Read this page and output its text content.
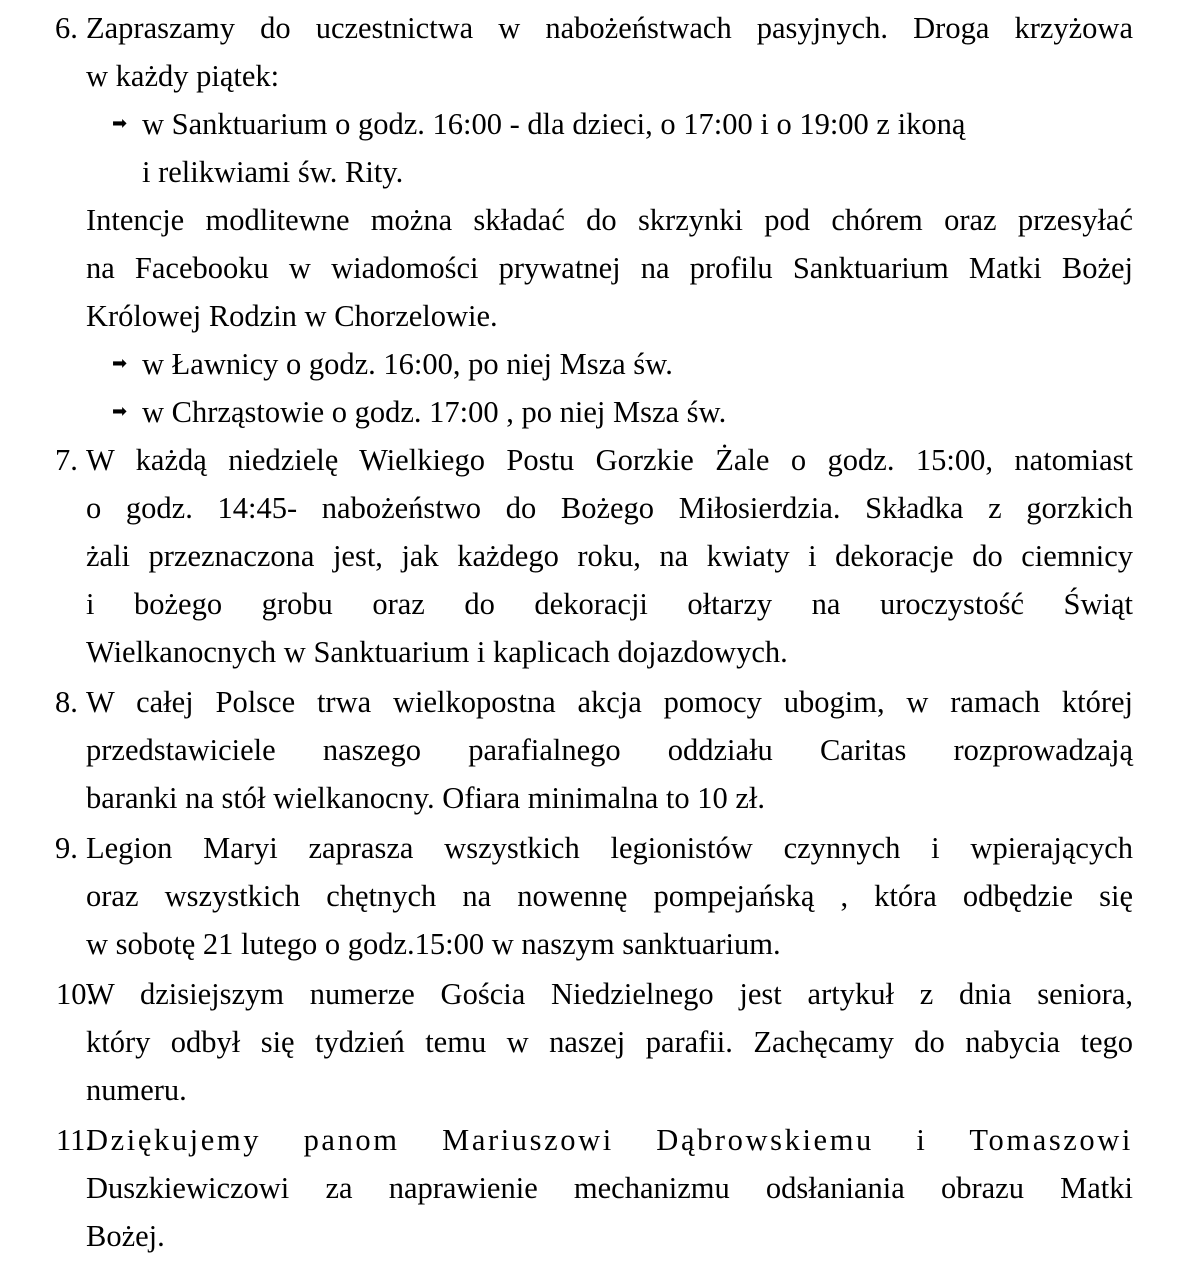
6. Zapraszamy do uczestnictwa w nabożeństwach pasyjnych. Droga krzyżowa
w każdy piątek:
➡ w Sanktuarium o godz. 16:00 - dla dzieci, o 17:00 i o 19:00 z ikoną
i relikwiami św. Rity.
Intencje modlitewne można składać do skrzynki pod chórem oraz przesyłać
na Facebooku w wiadomości prywatnej na profilu Sanktuarium Matki Bożej
Królowej Rodzin w Chorzelowie.
➡ w Ławnicy o godz. 16:00, po niej Msza św.
➡ w Chrząstowie o godz. 17:00 , po niej Msza św.
7. W każdą niedzielę Wielkiego Postu Gorzkie Żale o godz. 15:00, natomiast
o godz. 14:45- nabożeństwo do Bożego Miłosierdzia. Składka z gorzkich
żali przeznaczona jest, jak każdego roku, na kwiaty i dekoracje do ciemnicy
i bożego grobu oraz do dekoracji ołtarzy na uroczystość Świąt
Wielkanocnych w Sanktuarium i kaplicach dojazdowych.
8. W całej Polsce trwa wielkopostna akcja pomocy ubogim, w ramach której
przedstawiciele naszego parafialnego oddziału Caritas rozprowadzają
baranki na stół wielkanocny. Ofiara minimalna to 10 zł.
9. Legion Maryi zaprasza wszystkich legionistów czynnych i wpierających
oraz wszystkich chętnych na nowennę pompejańską , która odbędzie się
w sobotę 21 lutego o godz.15:00 w naszym sanktuarium.
10.
W dzisiejszym numerze Gościa Niedzielnego jest artykuł z dnia seniora,
który odbył się tydzień temu w naszej parafii. Zachęcamy do nabycia tego
numeru.
11.
Dziękujemy panom Mariuszowi Dąbrowskiemu i Tomaszowi
Duszkiewiczowi za naprawienie mechanizmu odsłaniania obrazu Matki
Bożej.
